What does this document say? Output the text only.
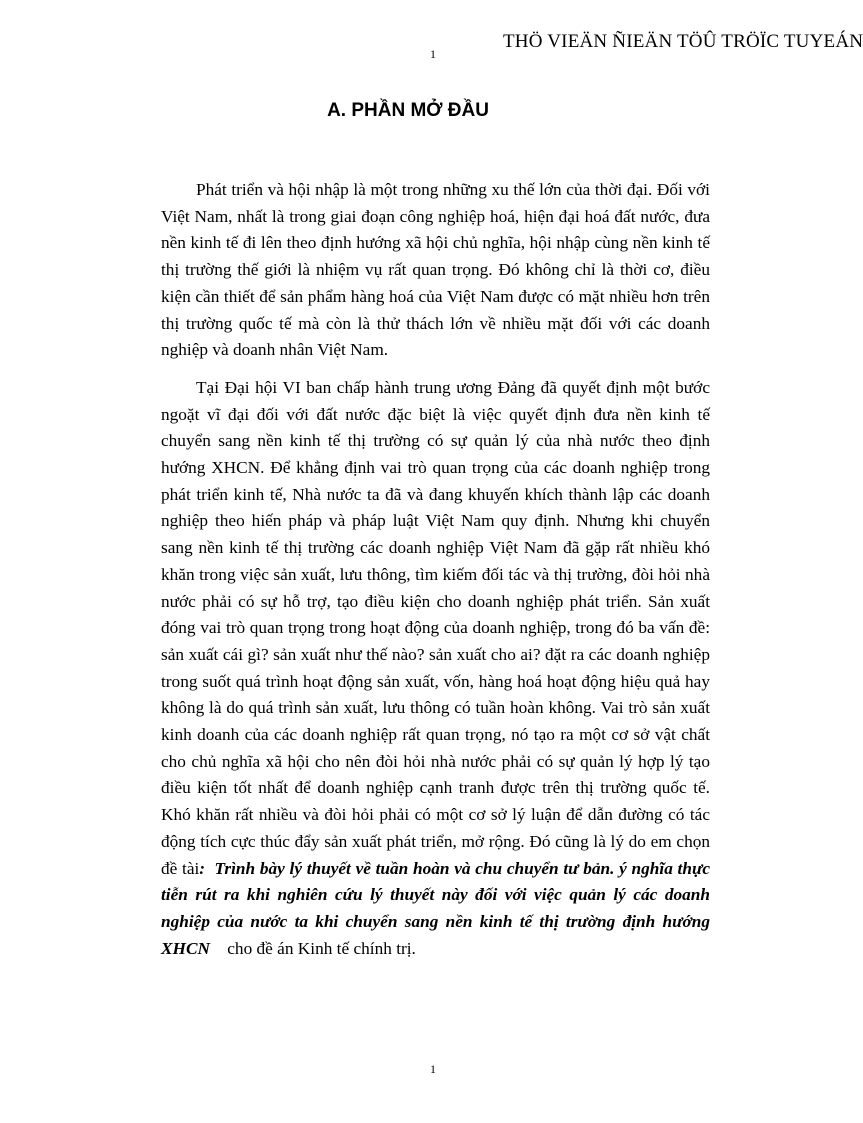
1
THÖ VIEÄN ÑIEÄN TÖÛ TRÖÏC TUYEÁN
A. PHẦN MỞ ĐẦU

Phát triển và hội nhập là một trong những xu thế lớn của thời đại. Đối với Việt Nam, nhất là trong giai đoạn công nghiệp hoá, hiện đại hoá đất nước, đưa nền kinh tế đi lên theo định hướng xã hội chủ nghĩa, hội nhập cùng nền kinh tế thị trường thế giới là nhiệm vụ rất quan trọng. Đó không chỉ là thời cơ, điều kiện cần thiết để sản phẩm hàng hoá của Việt Nam được có mặt nhiều hơn trên thị trường quốc tế mà còn là thử thách lớn về nhiều mặt đối với các doanh nghiệp và doanh nhân Việt Nam.

Tại Đại hội VI ban chấp hành trung ương Đảng đã quyết định một bước ngoặt vĩ đại đối với đất nước đặc biệt là việc quyết định đưa nền kinh tế chuyển sang nền kinh tế thị trường có sự quản lý của nhà nước theo định hướng XHCN. Để khẳng định vai trò quan trọng của các doanh nghiệp trong phát triển kinh tế, Nhà nước ta đã và đang khuyến khích thành lập các doanh nghiệp theo hiến pháp và pháp luật Việt Nam quy định. Nhưng khi chuyển sang nền kinh tế thị trường các doanh nghiệp Việt Nam đã gặp rất nhiều khó khăn trong việc sản xuất, lưu thông, tìm kiếm đối tác và thị trường, đòi hỏi nhà nước phải có sự hỗ trợ, tạo điều kiện cho doanh nghiệp phát triển. Sản xuất đóng vai trò quan trọng trong hoạt động của doanh nghiệp, trong đó ba vấn đề: sản xuất cái gì? sản xuất như thế nào? sản xuất cho ai? đặt ra các doanh nghiệp trong suốt quá trình hoạt động sản xuất, vốn, hàng hoá hoạt động hiệu quả hay không là do quá trình sản xuất, lưu thông có tuần hoàn không. Vai trò sản xuất kinh doanh của các doanh nghiệp rất quan trọng, nó tạo ra một cơ sở vật chất cho chủ nghĩa xã hội cho nên đòi hỏi nhà nước phải có sự quản lý hợp lý tạo điều kiện tốt nhất để doanh nghiệp cạnh tranh được trên thị trường quốc tế. Khó khăn rất nhiều và đòi hỏi phải có một cơ sở lý luận để dẫn đường có tác động tích cực thúc đẩy sản xuất phát triển, mở rộng. Đó cũng là lý do em chọn đề tài: Trình bày lý thuyết về tuần hoàn và chu chuyển tư bản. ý nghĩa thực tiễn rút ra khi nghiên cứu lý thuyết này đối với việc quản lý các doanh nghiệp của nước ta khi chuyển sang nền kinh tế thị trường định hướng XHCN cho đề án Kinh tế chính trị.

1
